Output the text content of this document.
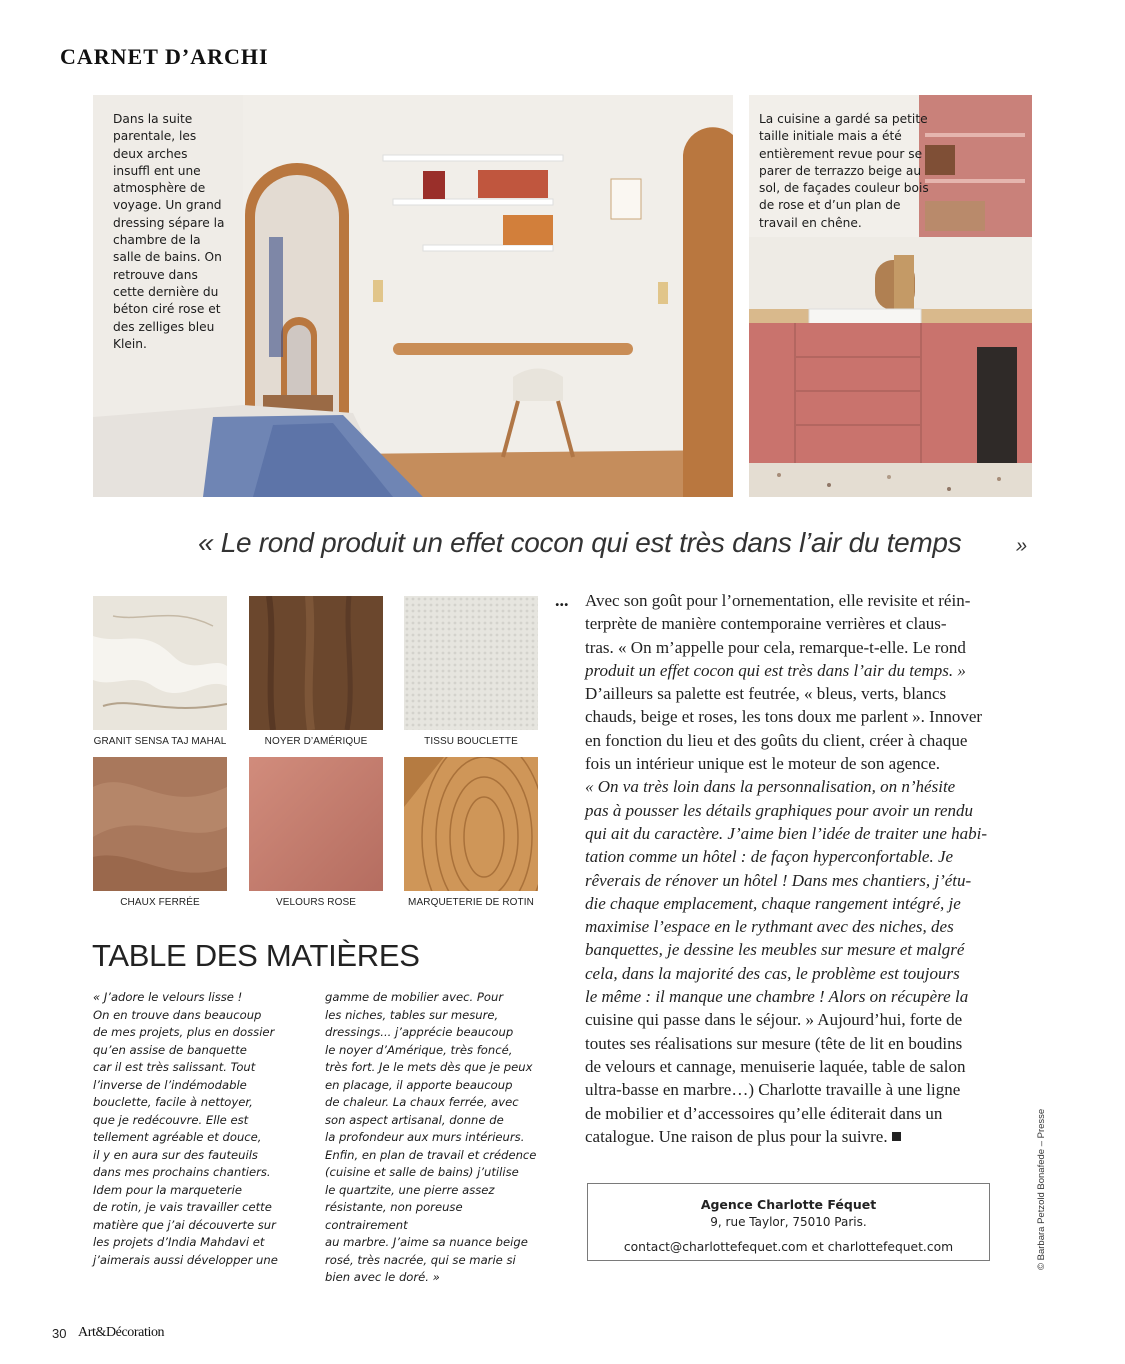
CARNET D’ARCHI
Dans la suite parentale, les deux arches insuffl ent une atmosphère de voyage. Un grand dressing sépare la chambre de la salle de bains. On retrouve dans cette dernière du béton ciré rose et des zelliges bleu Klein.
La cuisine a gardé sa petite taille initiale mais a été entièrement revue pour se parer de terrazzo beige au sol, de façades couleur bois de rose et d’un plan de travail en chêne.
« Le rond produit un effet cocon qui est très dans l’air du temps	»
GRANIT SENSA TAJ MAHAL	NOYER D’AMÉRIQUE	TISSU BOUCLETTE
CHAUX FERRÉE	VELOURS ROSE	MARQUETERIE DE ROTIN
TABLE DES MATIÈRES
« J’adore le velours lisse !
On en trouve dans beaucoup
de mes projets, plus en dossier
qu’en assise de banquette
car il est très salissant. Tout
l’inverse de l’indémodable
bouclette, facile à nettoyer,
que je redécouvre. Elle est
tellement agréable et douce,
il y en aura sur des fauteuils
dans mes prochains chantiers.
Idem pour la marqueterie
de rotin, je vais travailler cette
matière que j’ai découverte sur
les projets d’India Mahdavi et
j’aimerais aussi développer une
gamme de mobilier avec. Pour
les niches, tables sur mesure,
dressings... j’apprécie beaucoup
le noyer d’Amérique, très foncé,
très fort. Je le mets dès que je peux
en placage, il apporte beaucoup
de chaleur. La chaux ferrée, avec
son aspect artisanal, donne de
la profondeur aux murs intérieurs.
Enfin, en plan de travail et crédence
(cuisine et salle de bains) j’utilise
le quartzite, une pierre assez
résistante, non poreuse contrairement
au marbre. J’aime sa nuance beige
rosé, très nacrée, qui se marie si
bien avec le doré. »
... Avec son goût pour l’ornementation, elle revisite et réin-
terprète de manière contemporaine verrières et claus-
tras. « On m’appelle pour cela, remarque-t-elle. Le rond
produit un effet cocon qui est très dans l’air du temps. »
D’ailleurs sa palette est feutrée, « bleus, verts, blancs
chauds, beige et roses, les tons doux me parlent ». Innover
en fonction du lieu et des goûts du client, créer à chaque
fois un intérieur unique est le moteur de son agence.
« On va très loin dans la personnalisation, on n’hésite
pas à pousser les détails graphiques pour avoir un rendu
qui ait du caractère. J’aime bien l’idée de traiter une habi-
tation comme un hôtel : de façon hyperconfortable. Je
rêverais de rénover un hôtel ! Dans mes chantiers, j’étu-
die chaque emplacement, chaque rangement intégré, je
maximise l’espace en le rythmant avec des niches, des
banquettes, je dessine les meubles sur mesure et malgré
cela, dans la majorité des cas, le problème est toujours
le même : il manque une chambre ! Alors on récupère la
cuisine qui passe dans le séjour. » Aujourd’hui, forte de
toutes ses réalisations sur mesure (tête de lit en boudins
de velours et cannage, menuiserie laquée, table de salon
ultra-basse en marbre…) Charlotte travaille à une ligne
de mobilier et d’accessoires qu’elle éditerait dans un
catalogue. Une raison de plus pour la suivre.
Agence Charlotte Féquet
9, rue Taylor, 75010 Paris.
contact@charlottefequet.com et charlottefequet.com	© Barbara Petzold Bonafede – Presse
30 Art&Décoration
